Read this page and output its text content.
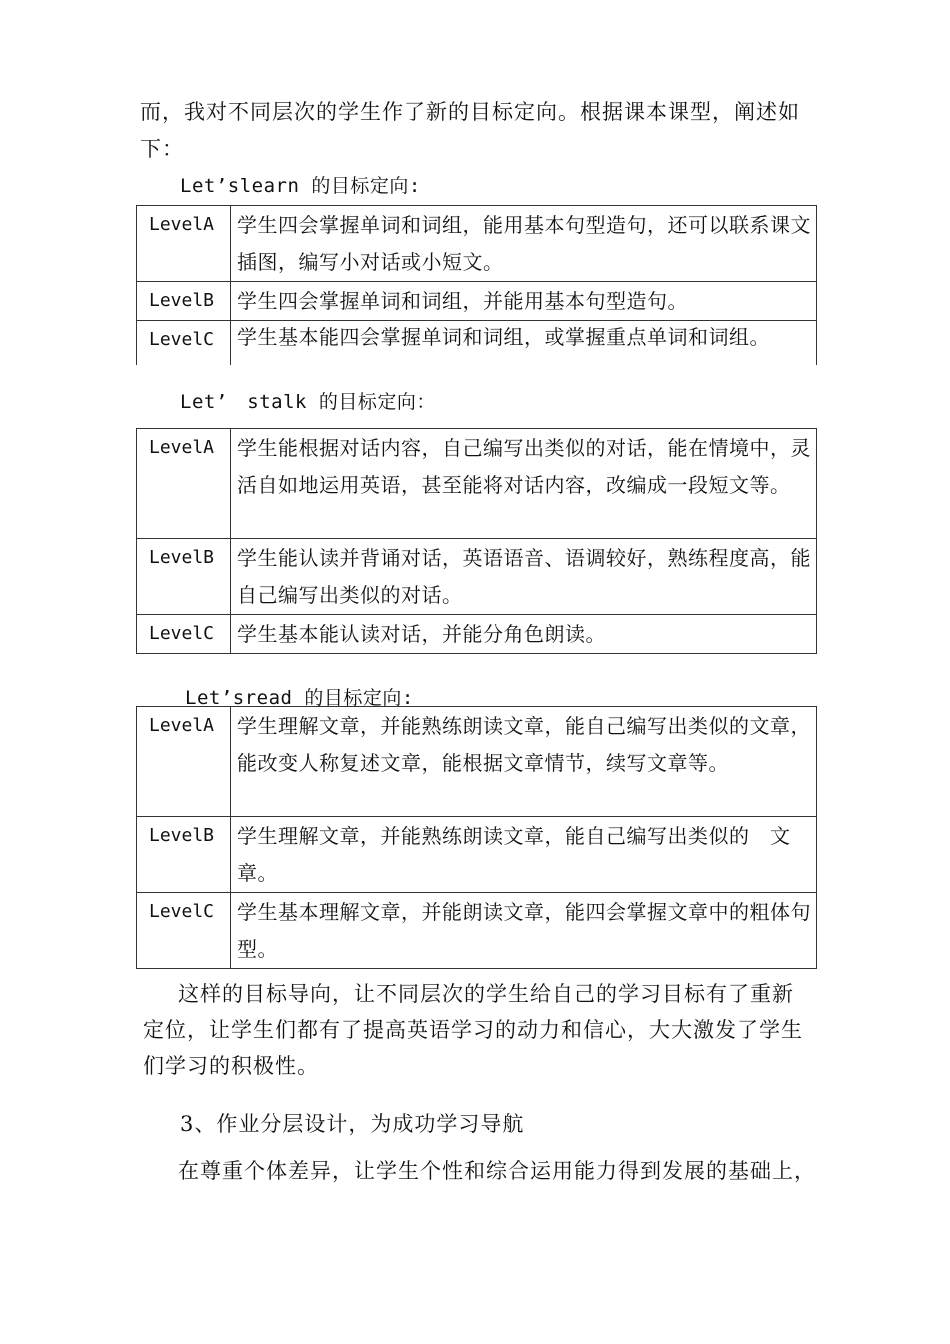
而，我对不同层次的学生作了新的目标定向。根据课本课型，阐述如
下：
Let’slearn 的目标定向:
LevelA	学生四会掌握单词和词组，能用基本句型造句，还可以联系课文插图，编写小对话或小短文。
LevelB	学生四会掌握单词和词组，并能用基本句型造句。
LevelC	学生基本能四会掌握单词和词组，或掌握重点单词和词组。
Let’　stalk 的目标定向：
LevelA	学生能根据对话内容，自己编写出类似的对话，能在情境中，灵活自如地运用英语，甚至能将对话内容，改编成一段短文等。
LevelB	学生能认读并背诵对话，英语语音、语调较好，熟练程度高，能自己编写出类似的对话。
LevelC	学生基本能认读对话，并能分角色朗读。
Let’sread 的目标定向:
LevelA	学生理解文章，并能熟练朗读文章，能自己编写出类似的文章，能改变人称复述文章，能根据文章情节，续写文章等。
LevelB	学生理解文章，并能熟练朗读文章，能自己编写出类似的　文章。
LevelC	学生基本理解文章，并能朗读文章，能四会掌握文章中的粗体句型。
这样的目标导向，让不同层次的学生给自己的学习目标有了重新
定位，让学生们都有了提高英语学习的动力和信心，大大激发了学生
们学习的积极性。
3、作业分层设计，为成功学习导航
在尊重个体差异，让学生个性和综合运用能力得到发展的基础上，
